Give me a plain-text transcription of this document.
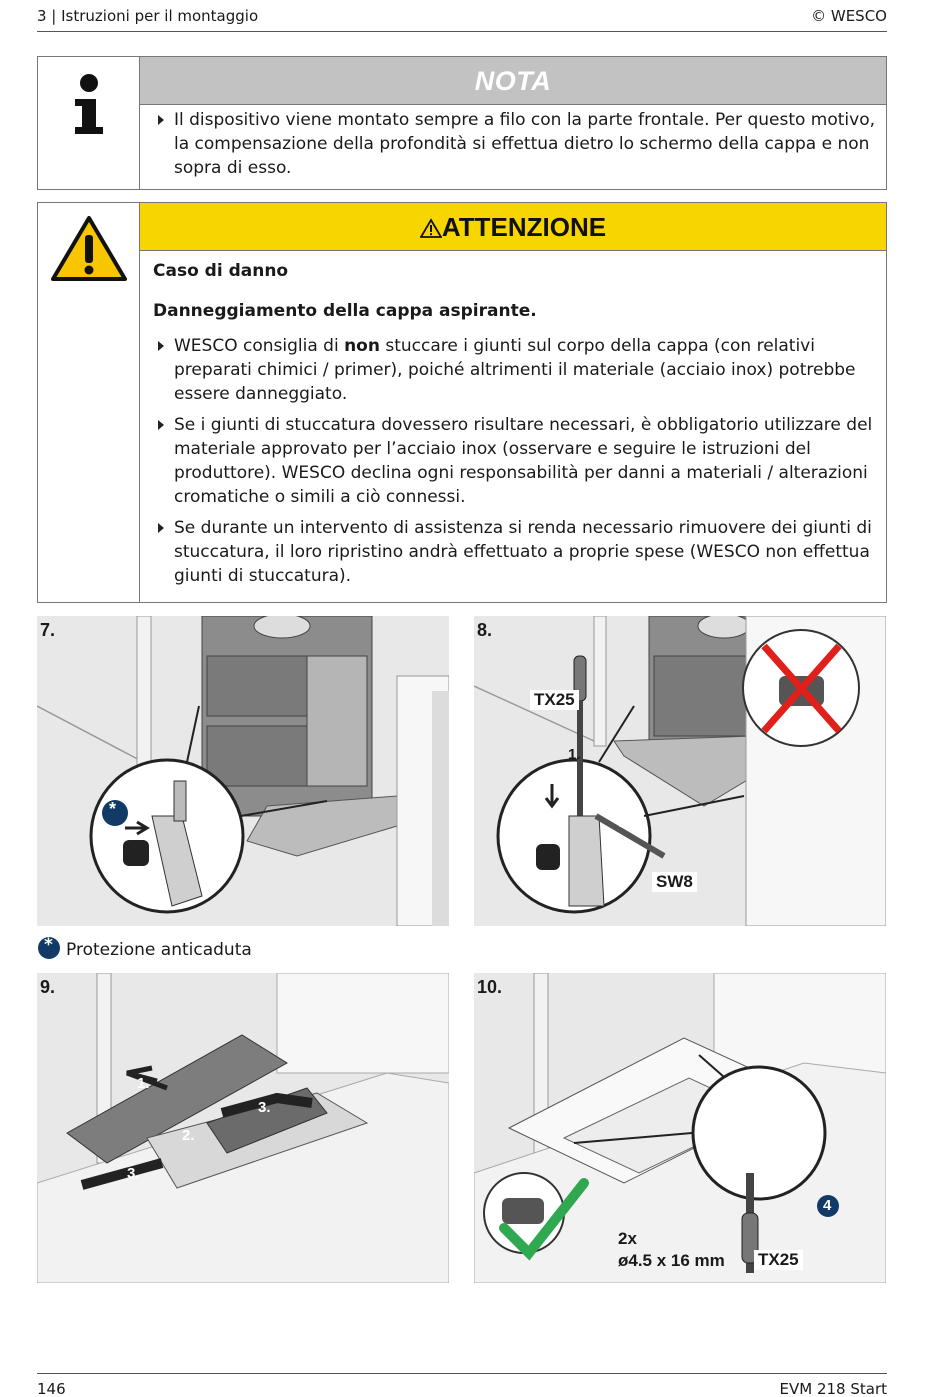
3 | Istruzioni per il montaggio	© WESCO
NOTA
Il dispositivo viene montato sempre a filo con la parte frontale. Per questo motivo, la compensazione della profondità si effettua dietro lo schermo della cappa e non sopra di esso.
ATTENZIONE
Caso di danno
Danneggiamento della cappa aspirante.
WESCO consiglia di non stuccare i giunti sul corpo della cappa (con relativi preparati chimici / primer), poiché altrimenti il materiale (acciaio inox) potrebbe essere danneggiato.
Se i giunti di stuccatura dovessero risultare necessari, è obbligatorio utilizzare del materiale approvato per l’acciaio inox (osservare e seguire le istruzioni del produttore). WESCO declina ogni responsabilità per danni a materiali / alterazioni cromatiche o simili a ciò connessi.
Se durante un intervento di assistenza si renda necessario rimuovere dei giunti di stuccatura, il loro ripristino andrà effettuato a proprie spese (WESCO non effettua giunti di stuccatura).
7.
*
8.
TX25
SW8
1.
2.
* Protezione anticaduta
9.
1.
2.
3.
3.
10.
2x
ø4.5 x 16 mm TX25
4
146	EVM 218 Start
